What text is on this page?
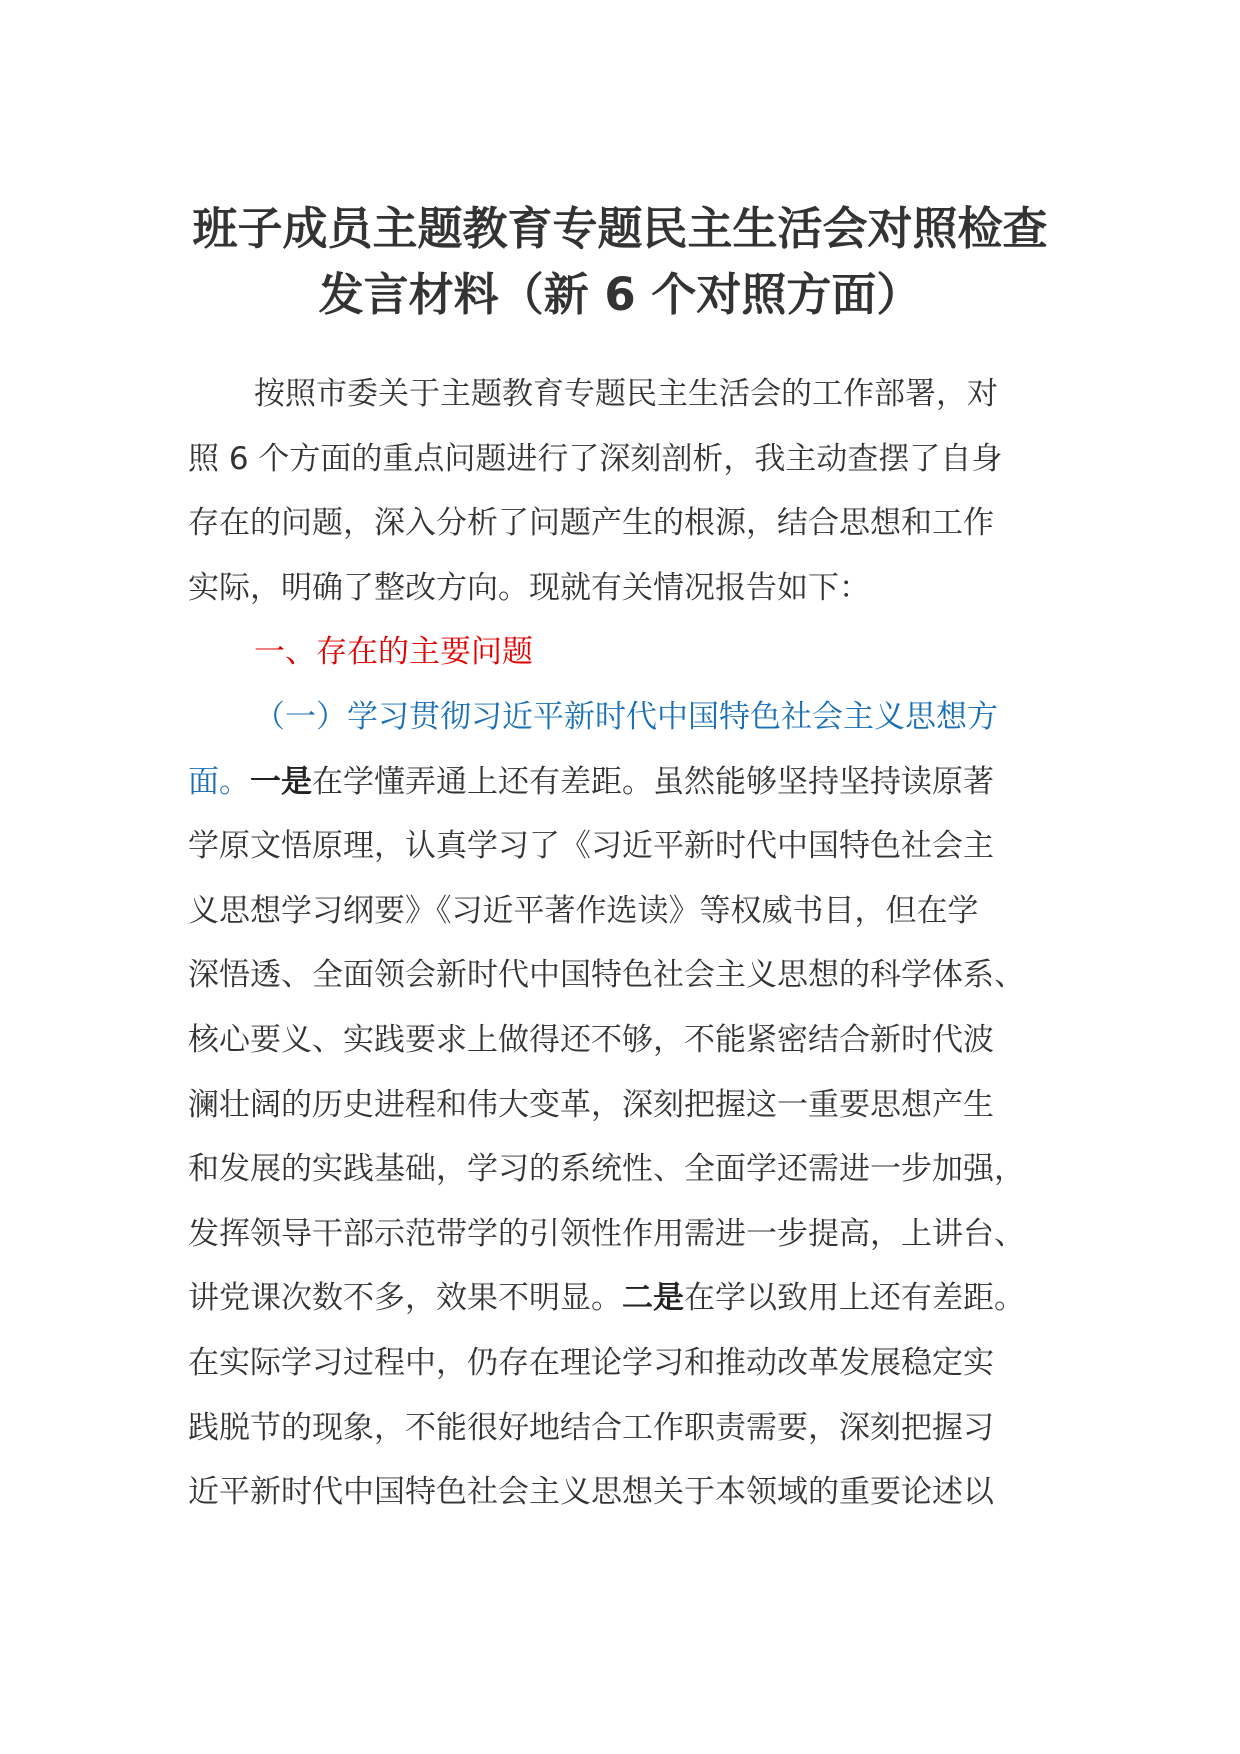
班子成员主题教育专题民主生活会对照检查
发言材料（新 6 个对照方面）
按照市委关于主题教育专题民主生活会的工作部署，对
照 6 个方面的重点问题进行了深刻剖析，我主动查摆了自身
存在的问题，深入分析了问题产生的根源，结合思想和工作
实际，明确了整改方向。现就有关情况报告如下：
一、存在的主要问题
（一）学习贯彻习近平新时代中国特色社会主义思想方
面。一是在学懂弄通上还有差距。虽然能够坚持坚持读原著
学原文悟原理，认真学习了《习近平新时代中国特色社会主
义思想学习纲要》《习近平著作选读》等权威书目，但在学
深悟透、全面领会新时代中国特色社会主义思想的科学体系、
核心要义、实践要求上做得还不够，不能紧密结合新时代波
澜壮阔的历史进程和伟大变革，深刻把握这一重要思想产生
和发展的实践基础，学习的系统性、全面学还需进一步加强，
发挥领导干部示范带学的引领性作用需进一步提高，上讲台、
讲党课次数不多，效果不明显。二是在学以致用上还有差距。
在实际学习过程中，仍存在理论学习和推动改革发展稳定实
践脱节的现象，不能很好地结合工作职责需要，深刻把握习
近平新时代中国特色社会主义思想关于本领域的重要论述以
